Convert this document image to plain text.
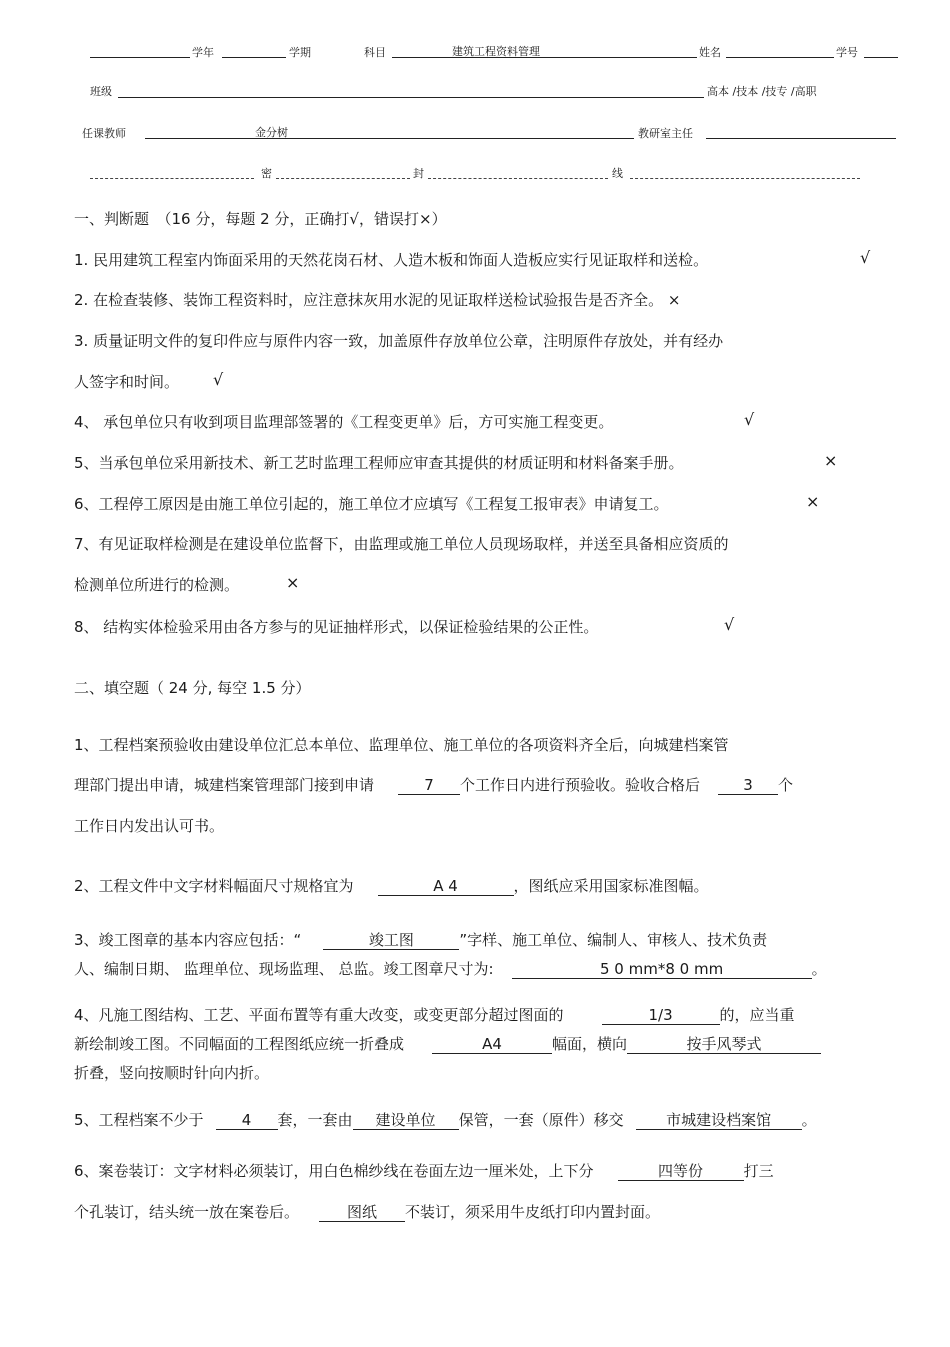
学年	学期	科目	建筑工程资料管理	姓名	学号
班级	高本 /技本 /技专 /高职
任课教师	金分树	教研室主任
密	封	线
一、判断题　（16 分，每题 2 分，正确打√，错误打×）
1. 民用建筑工程室内饰面采用的天然花岗石材、人造木板和饰面人造板应实行见证取样和送检。	√
2. 在检查装修、装饰工程资料时，应注意抹灰用水泥的见证取样送检试验报告是否齐全。 ×
3. 质量证明文件的复印件应与原件内容一致，加盖原件存放单位公章，注明原件存放处，并有经办
人签字和时间。 √
4、 承包单位只有收到项目监理部签署的《工程变更单》后，方可实施工程变更。	√
5、当承包单位采用新技术、新工艺时监理工程师应审查其提供的材质证明和材料备案手册。	×
6、工程停工原因是由施工单位引起的，施工单位才应填写《工程复工报审表》申请复工。	×
7、有见证取样检测是在建设单位监督下，由监理或施工单位人员现场取样，并送至具备相应资质的
检测单位所进行的检测。	×
8、 结构实体检验采用由各方参与的见证抽样形式，以保证检验结果的公正性。	√
二、填空题（ 24 分, 每空 1.5 分）
1、工程档案预验收由建设单位汇总本单位、监理单位、施工单位的各项资料齐全后，向城建档案管
理部门提出申请，城建档案管理部门接到申请	7 个工作日内进行预验收。验收合格后	3 个
工作日内发出认可书。
2、工程文件中文字材料幅面尺寸规格宜为	A 4	，图纸应采用国家标准图幅。
3、竣工图章的基本内容应包括：“	竣工图	”字样、施工单位、编制人、审核人、技术负责
人、编制日期、 监理单位、现场监理、 总监。竣工图章尺寸为:	5 0 mm*8 0 mm	。
4、凡施工图结构、工艺、平面布置等有重大改变，或变更部分超过图面的	1/3	的，应当重
新绘制竣工图。不同幅面的工程图纸应统一折叠成	A4	幅面，横向	按手风琴式
折叠，竖向按顺时针向内折。
5、工程档案不少于	4 套，一套由 建设单位 保管，一套（原件）移交	市城建设档案馆 。
6、案卷装订：文字材料必须装订，用白色棉纱线在卷面左边一厘米处，上下分	四等份	打三
个孔装订，结头统一放在案卷后。	图纸 不装订，须采用牛皮纸打印内置封面。
